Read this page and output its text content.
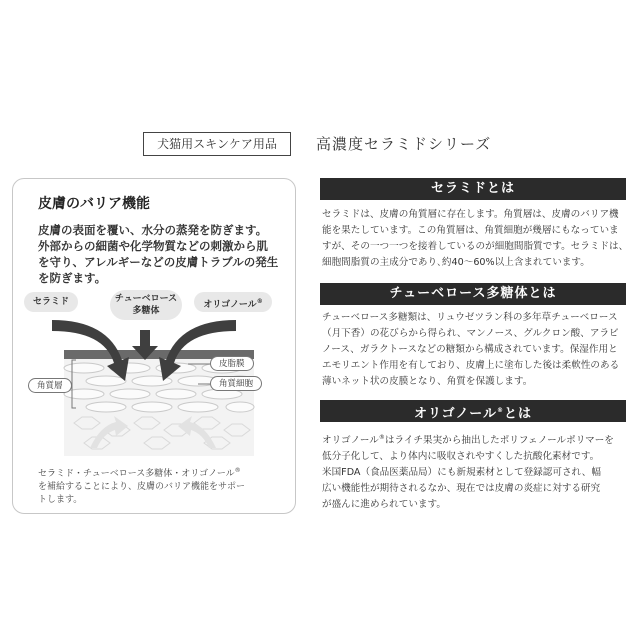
犬猫用スキンケア用品	高濃度セラミドシリーズ
皮膚のバリア機能
皮膚の表面を覆い、水分の蒸発を防ぎます。
外部からの細菌や化学物質などの刺激から肌
を守り、アレルギーなどの皮膚トラブルの発生
を防ぎます。
セラミド	チューベロース
多糖体
オリゴノール®
角質層
皮脂膜
角質細胞
セラミド・チューベロース多糖体・オリゴノール®
を補給することにより、皮膚のバリア機能をサポー
トします。
セラミドとは
セラミドは、皮膚の角質層に存在します。角質層は、皮膚のバリア機
能を果たしています。この角質層は、角質細胞が幾層にもなっていま
すが、その一つ一つを接着しているのが細胞間脂質です。セラミドは、
細胞間脂質の主成分であり､約40～60%以上含まれています。
チューベロース多糖体とは
チューベロース多糖類は、リュウゼツラン科の多年草チューベロース
（月下香）の花びらから得られ、マンノース、グルクロン酸、アラビ
ノース、ガラクトースなどの糖類から構成されています。保湿作用と
エモリエント作用を有しており、皮膚上に塗布した後は柔軟性のある
薄いネット状の皮膜となり、角質を保護します。
オリゴノール®とは
オリゴノール®はライチ果実から抽出したポリフェノールポリマーを
低分子化して、より体内に吸収されやすくした抗酸化素材です。
米国FDA（食品医薬品局）にも新規素材として登録認可され、幅
広い機能性が期待されるなか、現在では皮膚の炎症に対する研究
が盛んに進められています。
